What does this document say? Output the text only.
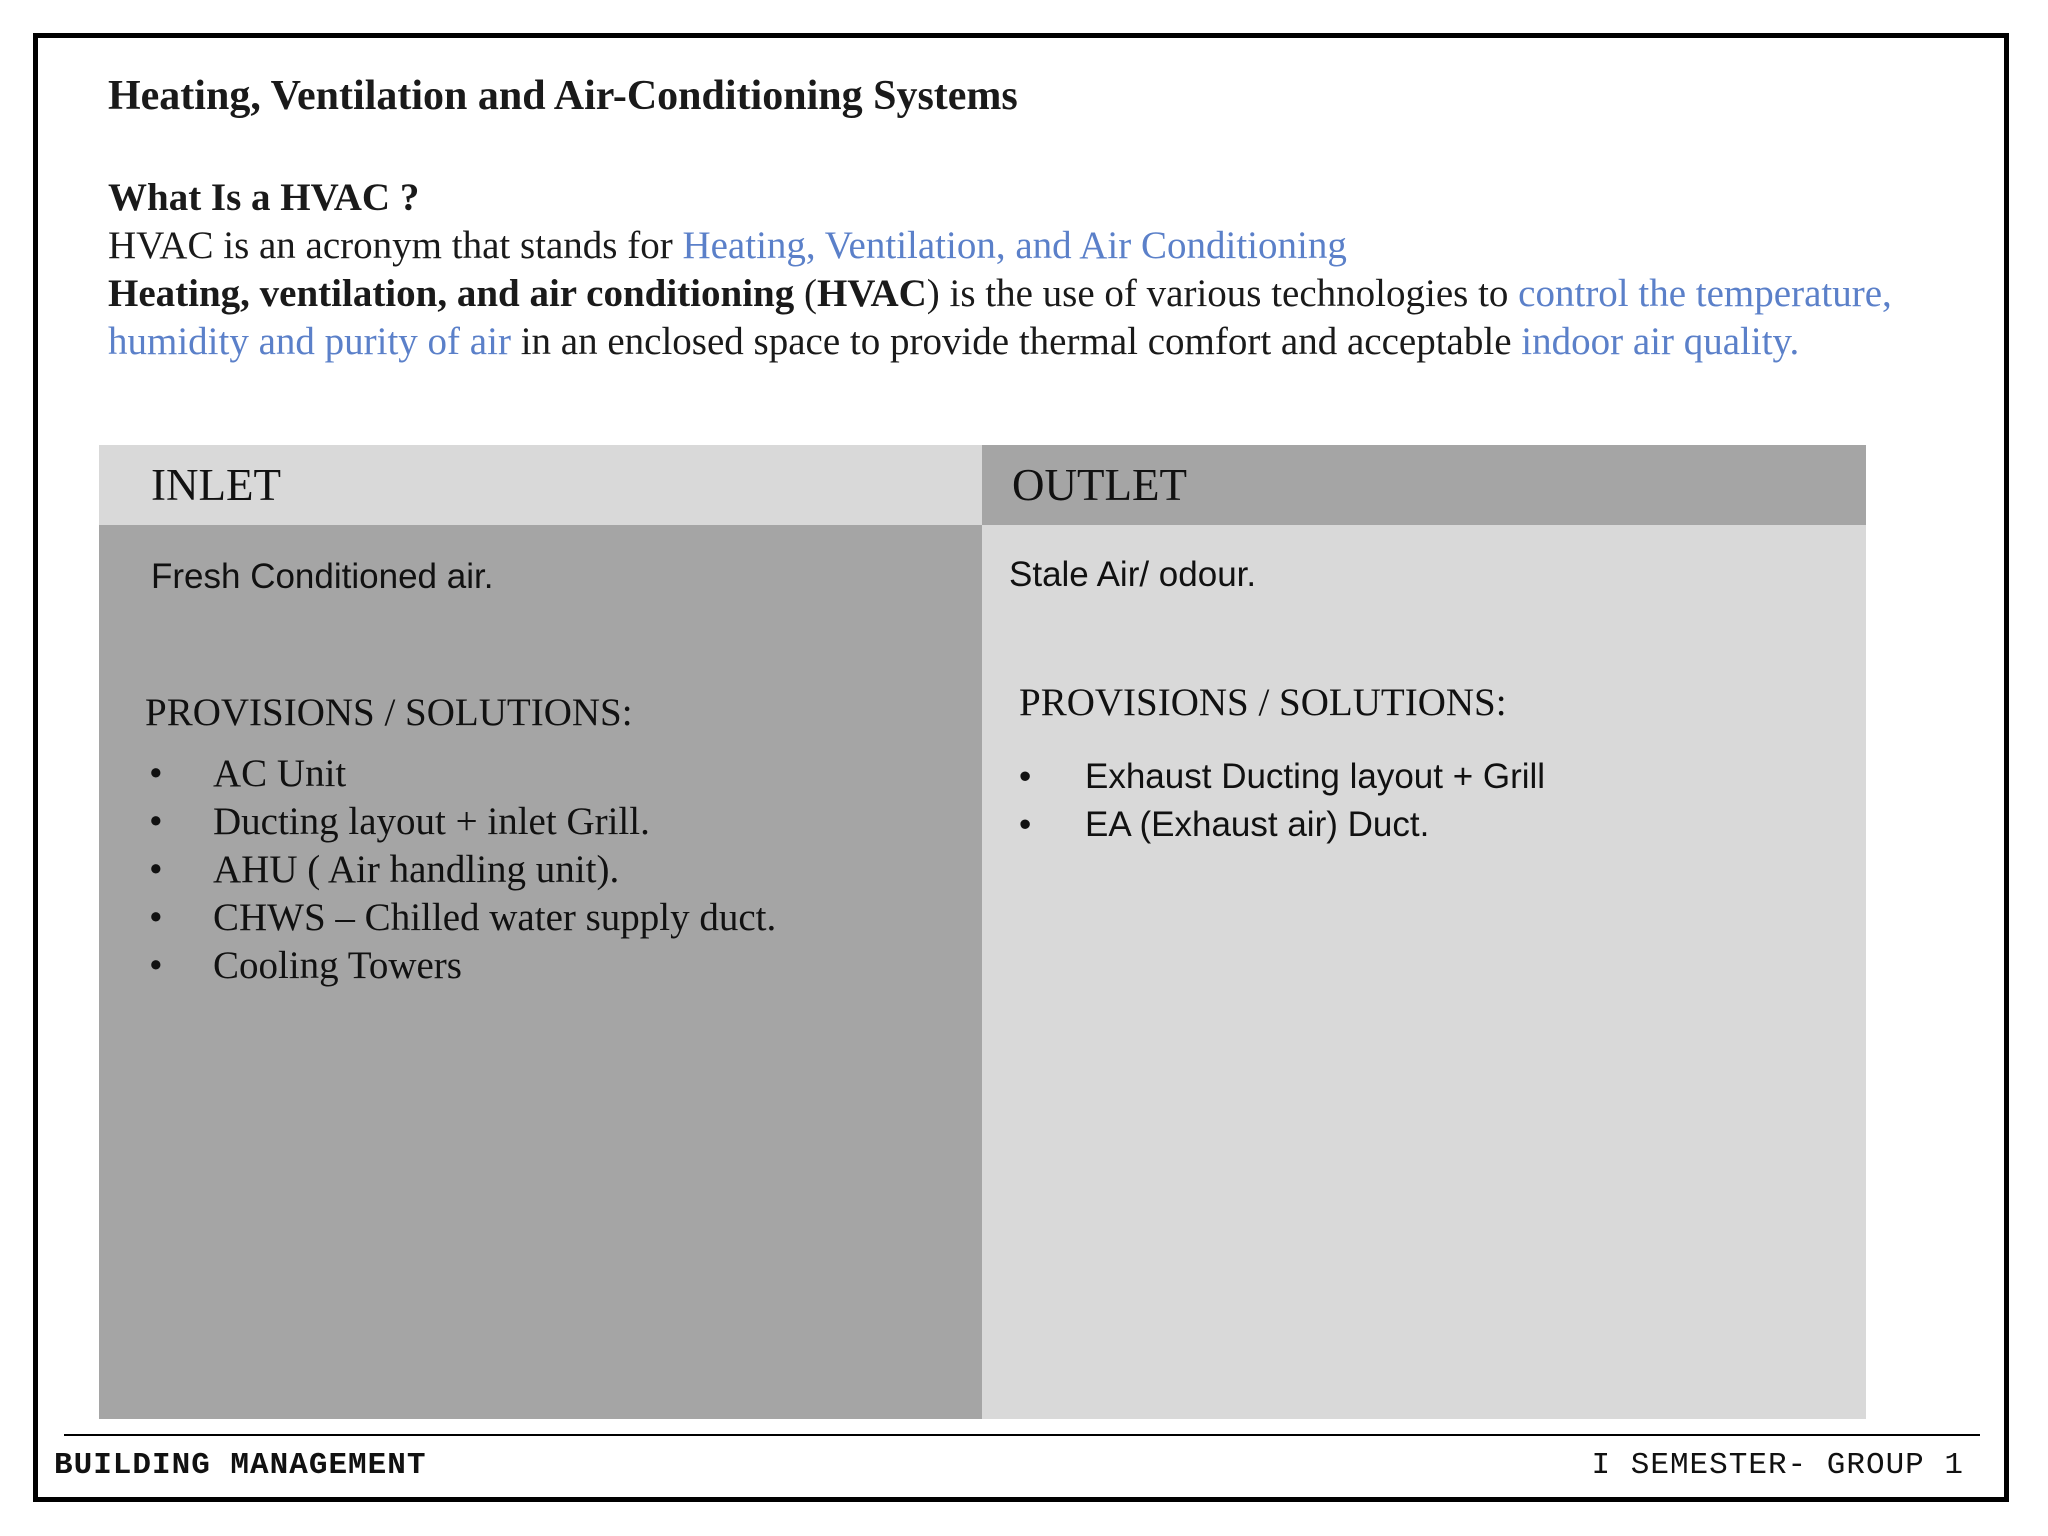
Heating, Ventilation and Air-Conditioning Systems
What Is a HVAC ?
HVAC is an acronym that stands for Heating, Ventilation, and Air Conditioning
Heating, ventilation, and air conditioning (HVAC) is the use of various technologies to control the temperature, humidity and purity of air in an enclosed space to provide thermal comfort and acceptable indoor air quality.
INLET
Fresh Conditioned air.
PROVISIONS / SOLUTIONS:
• AC Unit
• Ducting layout + inlet Grill.
• AHU ( Air handling unit).
• CHWS – Chilled water supply duct.
• Cooling Towers
OUTLET
Stale Air/ odour.
PROVISIONS / SOLUTIONS:
• Exhaust Ducting layout + Grill
• EA (Exhaust air) Duct.
BUILDING MANAGEMENT	I SEMESTER- GROUP 1
